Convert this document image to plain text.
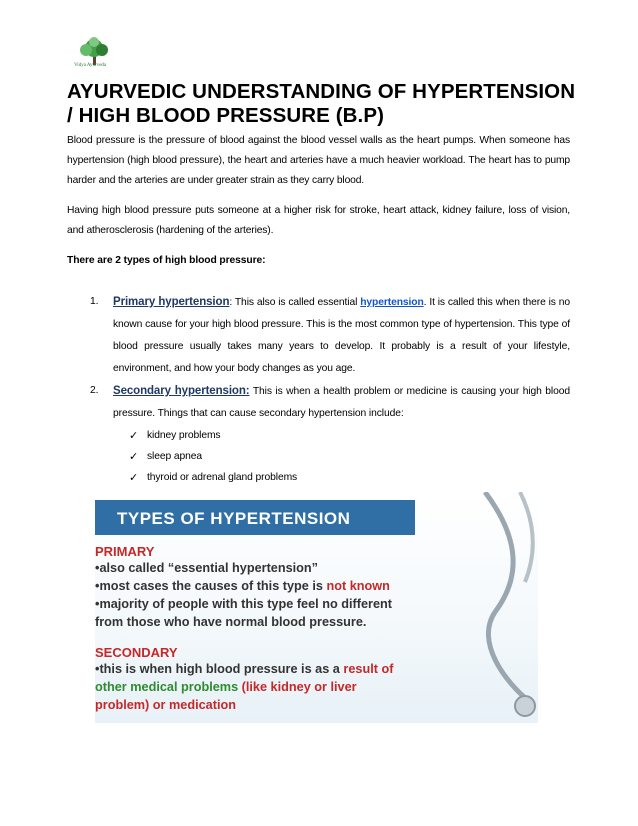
Vidya Ayurveda
AYURVEDIC UNDERSTANDING OF HYPERTENSION / HIGH BLOOD PRESSURE (B.P)

Blood pressure is the pressure of blood against the blood vessel walls as the heart pumps. When someone has hypertension (high blood pressure), the heart and arteries have a much heavier workload. The heart has to pump harder and the arteries are under greater strain as they carry blood.

Having high blood pressure puts someone at a higher risk for stroke, heart attack, kidney failure, loss of vision, and atherosclerosis (hardening of the arteries).

There are 2 types of high blood pressure:

1. Primary hypertension: This also is called essential hypertension. It is called this when there is no known cause for your high blood pressure. This is the most common type of hypertension. This type of blood pressure usually takes many years to develop. It probably is a result of your lifestyle, environment, and how your body changes as you age.
2. Secondary hypertension: This is when a health problem or medicine is causing your high blood pressure. Things that can cause secondary hypertension include:
✓ kidney problems
✓ sleep apnea
✓ thyroid or adrenal gland problems
TYPES OF HYPERTENSION

PRIMARY

•also called “essential hypertension”

•most cases the causes of this type is not known

•majority of people with this type feel no different

from those who have normal blood pressure.

SECONDARY

•this is when high blood pressure is as a result of

other medical problems (like kidney or liver

problem) or medication
